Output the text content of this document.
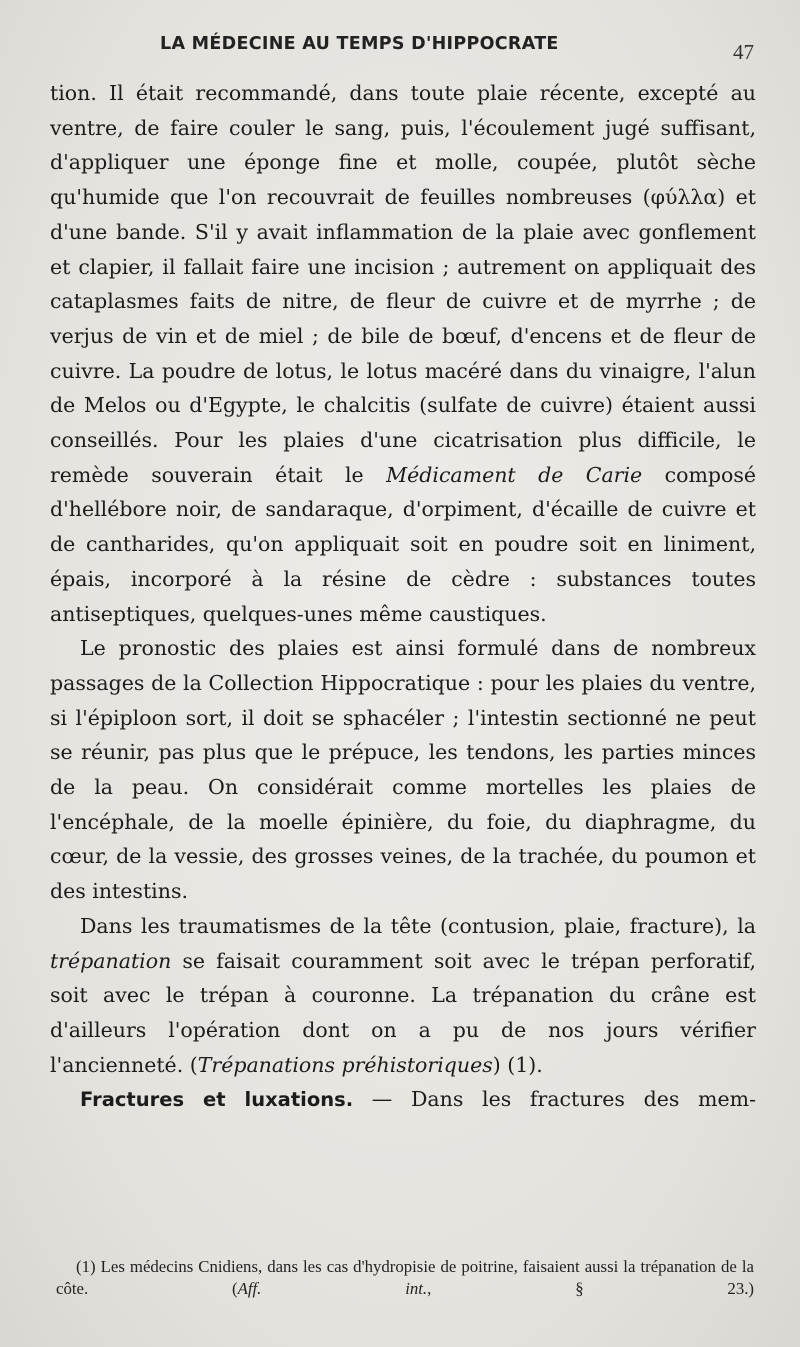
LA MÉDECINE AU TEMPS D'HIPPOCRATE	47

tion. Il était recommandé, dans toute plaie récente, excepté au ventre, de faire couler le sang, puis, l'écoulement jugé suffisant, d'appliquer une éponge fine et molle, coupée, plutôt sèche qu'humide que l'on recouvrait de feuilles nombreuses (φύλλα) et d'une bande. S'il y avait inflammation de la plaie avec gonflement et clapier, il fallait faire une incision ; autrement on appliquait des cataplasmes faits de nitre, de fleur de cuivre et de myrrhe ; de verjus de vin et de miel ; de bile de bœuf, d'encens et de fleur de cuivre. La poudre de lotus, le lotus macéré dans du vinaigre, l'alun de Melos ou d'Egypte, le chalcitis (sulfate de cuivre) étaient aussi conseillés. Pour les plaies d'une cicatrisation plus difficile, le remède souverain était le Médicament de Carie composé d'hellébore noir, de sandaraque, d'orpiment, d'écaille de cuivre et de cantharides, qu'on appliquait soit en poudre soit en liniment, épais, incorporé à la résine de cèdre : substances toutes antiseptiques, quelques-unes même caustiques.

Le pronostic des plaies est ainsi formulé dans de nombreux passages de la Collection Hippocratique : pour les plaies du ventre, si l'épiploon sort, il doit se sphacéler ; l'intestin sectionné ne peut se réunir, pas plus que le prépuce, les tendons, les parties minces de la peau. On considérait comme mortelles les plaies de l'encéphale, de la moelle épinière, du foie, du diaphragme, du cœur, de la vessie, des grosses veines, de la trachée, du poumon et des intestins.

Dans les traumatismes de la tête (contusion, plaie, fracture), la trépanation se faisait couramment soit avec le trépan perforatif, soit avec le trépan à couronne. La trépanation du crâne est d'ailleurs l'opération dont on a pu de nos jours vérifier l'ancienneté. (Trépanations préhistoriques) (1).

Fractures et luxations. — Dans les fractures des mem-

(1) Les médecins Cnidiens, dans les cas d'hydropisie de poitrine, faisaient aussi la trépanation de la côte. (Aff. int., § 23.)
